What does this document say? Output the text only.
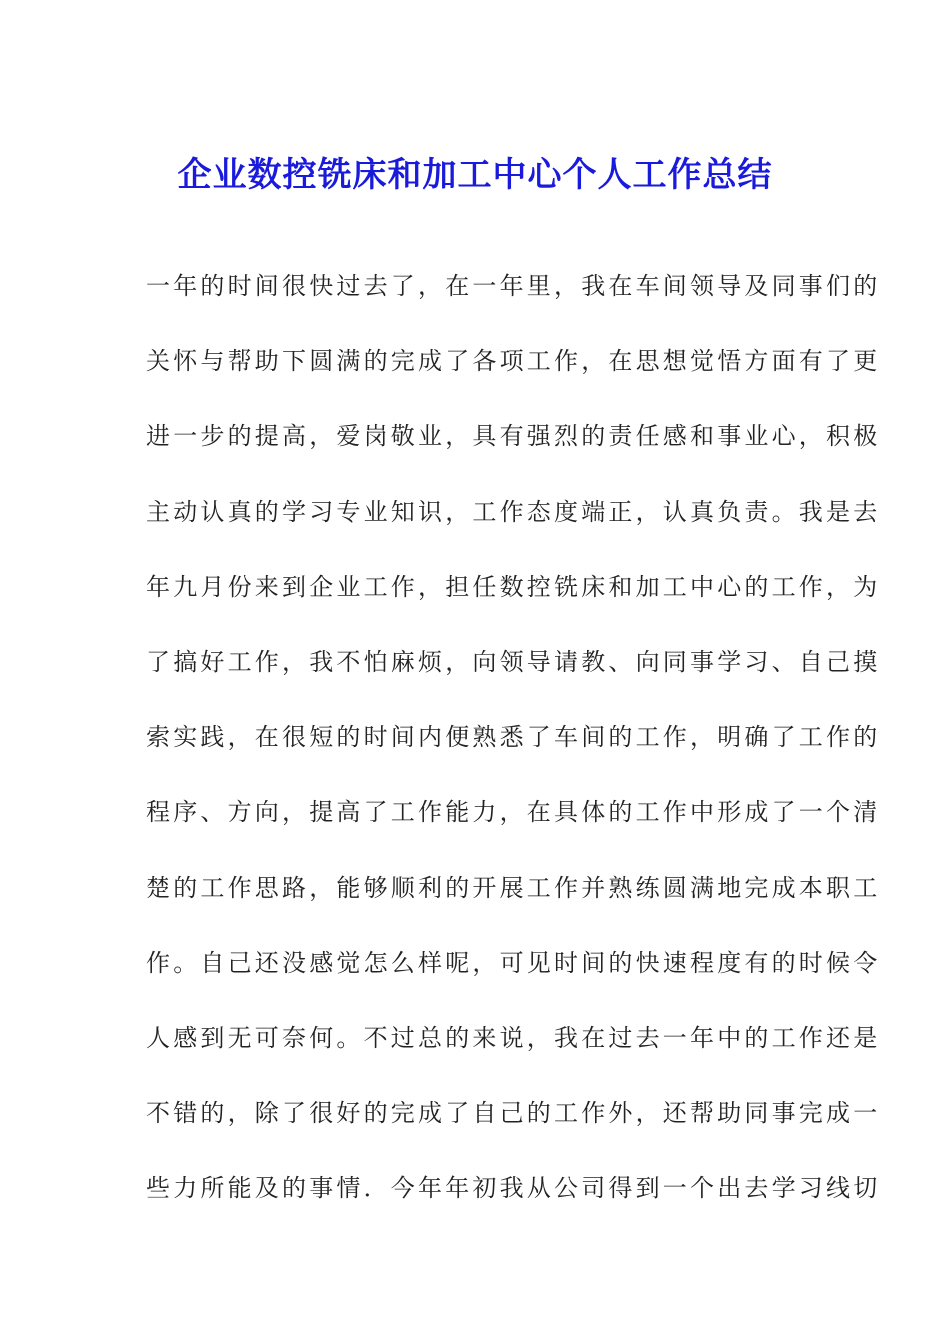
企业数控铣床和加工中心个人工作总结
一年的时间很快过去了，在一年里，我在车间领导及同事们的
关怀与帮助下圆满的完成了各项工作，在思想觉悟方面有了更
进一步的提高，爱岗敬业，具有强烈的责任感和事业心，积极
主动认真的学习专业知识，工作态度端正，认真负责。我是去
年九月份来到企业工作，担任数控铣床和加工中心的工作，为
了搞好工作，我不怕麻烦，向领导请教、向同事学习、自己摸
索实践，在很短的时间内便熟悉了车间的工作，明确了工作的
程序、方向，提高了工作能力，在具体的工作中形成了一个清
楚的工作思路，能够顺利的开展工作并熟练圆满地完成本职工
作。自己还没感觉怎么样呢，可见时间的快速程度有的时候令
人感到无可奈何。不过总的来说，我在过去一年中的工作还是
不错的，除了很好的完成了自己的工作外，还帮助同事完成一
些力所能及的事情．今年年初我从公司得到一个出去学习线切
